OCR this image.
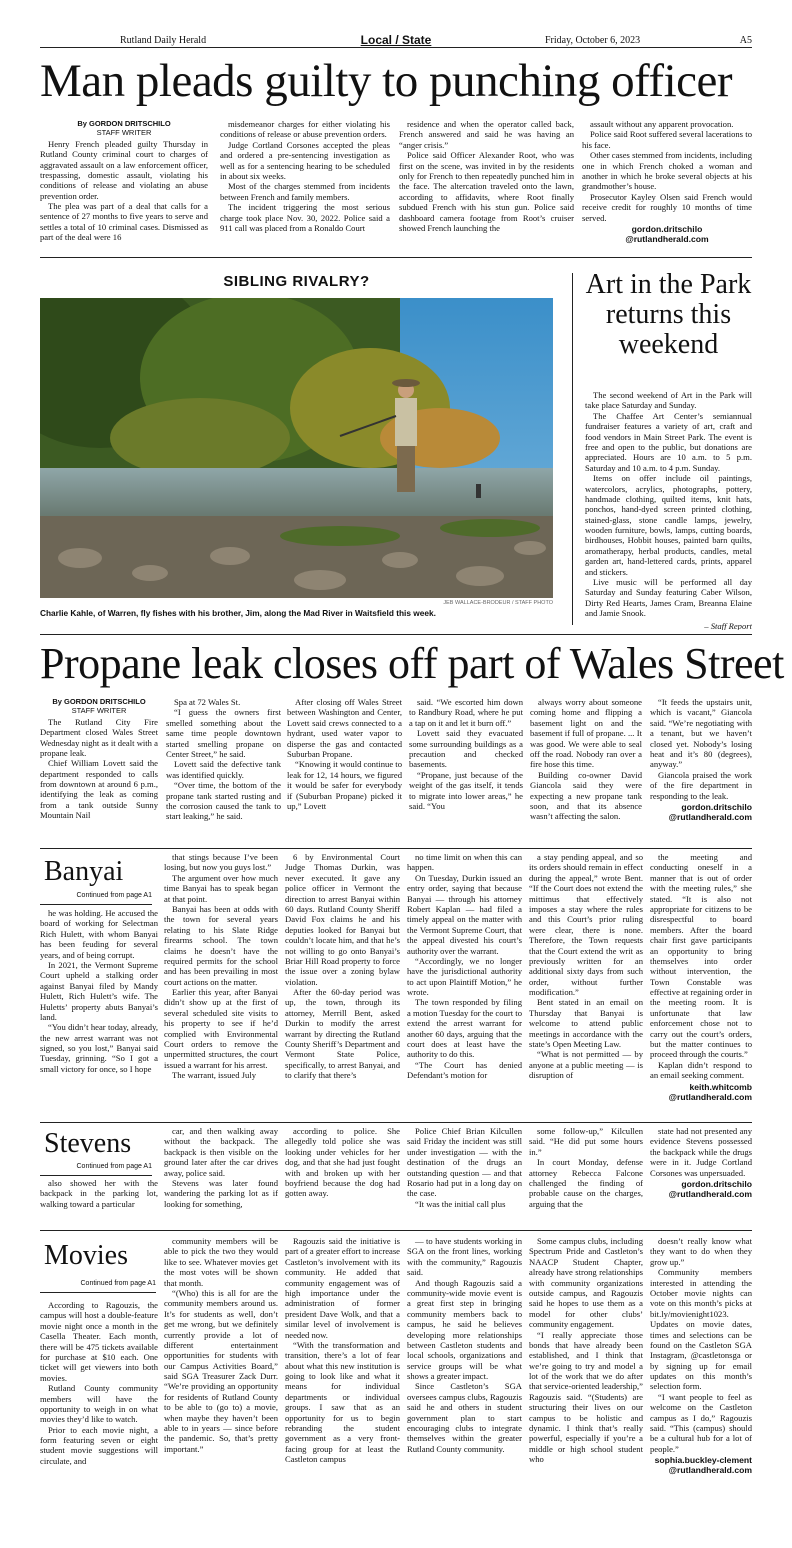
Rutland Daily Herald	Local / State	Friday, October 6, 2023	A5
Man pleads guilty to punching officer
By GORDON DRITSCHILO
STAFF WRITER

Henry French pleaded guilty Thursday in Rutland County criminal court to charges of aggravated assault on a law enforcement officer, trespassing, domestic assault, violating his conditions of release and violating an abuse prevention order.

The plea was part of a deal that calls for a sentence of 27 months to five years to serve and settles a total of 10 criminal cases. Dismissed as part of the deal were 16

misdemeanor charges for either violating his conditions of release or abuse prevention orders.

Judge Cortland Corsones accepted the pleas and ordered a pre-sentencing investigation as well as for a sentencing hearing to be scheduled in about six weeks.

Most of the charges stemmed from incidents between French and family members.

The incident triggering the most serious charge took place Nov. 30, 2022. Police said a 911 call was placed from a Ronaldo Court

residence and when the operator called back, French answered and said he was having an “anger crisis.”

Police said Officer Alexander Root, who was first on the scene, was invited in by the residents only for French to then repeatedly punched him in the face. The altercation traveled onto the lawn, according to affidavits, where Root finally subdued French with his stun gun. Police said dashboard camera footage from Root’s cruiser showed French launching the

assault without any apparent provocation.

Police said Root suffered several lacerations to his face.

Other cases stemmed from incidents, including one in which French choked a woman and another in which he broke several objects at his grandmother’s house.

Prosecutor Kayley Olsen said French would receive credit for roughly 10 months of time served.

gordon.dritschilo
@rutlandherald.com
SIBLING RIVALRY?
JEB WALLACE-BRODEUR / STAFF PHOTO
Charlie Kahle, of Warren, fly fishes with his brother, Jim, along the Mad River in Waitsfield this week.
Art in the Park returns this weekend

The second weekend of Art in the Park will take place Saturday and Sunday.

The Chaffee Art Center’s semiannual fundraiser features a variety of art, craft and food vendors in Main Street Park. The event is free and open to the public, but donations are appreciated. Hours are 10 a.m. to 5 p.m. Saturday and 10 a.m. to 4 p.m. Sunday.

Items on offer include oil paintings, watercolors, acrylics, photographs, pottery, handmade clothing, quilted items, knit hats, ponchos, hand-dyed screen printed clothing, stained-glass, stone candle lamps, jewelry, wooden furniture, bowls, lamps, cutting boards, birdhouses, Hobbit houses, painted barn quilts, aromatherapy, herbal products, candles, metal garden art, hand-lettered cards, prints, apparel and stickers.

Live music will be performed all day Saturday and Sunday featuring Caber Wilson, Dirty Red Hearts, James Cram, Breanna Elaine and Jamie Snook.

– Staff Report
Propane leak closes off part of Wales Street
By GORDON DRITSCHILO
STAFF WRITER

The Rutland City Fire Department closed Wales Street Wednesday night as it dealt with a propane leak.

Chief William Lovett said the department responded to calls from downtown at around 6 p.m., identifying the leak as coming from a tank outside Sunny Mountain Nail

Spa at 72 Wales St.

“I guess the owners first smelled something about the same time people downtown started smelling propane on Center Street,” he said.

Lovett said the defective tank was identified quickly.

“Over time, the bottom of the propane tank started rusting and the corrosion caused the tank to start leaking,” he said.

After closing off Wales Street between Washington and Center, Lovett said crews connected to a hydrant, used water vapor to disperse the gas and contacted Suburban Propane.

“Knowing it would continue to leak for 12, 14 hours, we figured it would be safer for everybody if (Suburban Propane) picked it up,” Lovett

said. “We escorted him down to Randbury Road, where he put a tap on it and let it burn off.”

Lovett said they evacuated some surrounding buildings as a precaution and checked basements.

“Propane, just because of the weight of the gas itself, it tends to migrate into lower areas,” he said. “You

always worry about someone coming home and flipping a basement light on and the basement if full of propane. ... It was good. We were able to seal off the road. Nobody ran over a fire hose this time.

Building co-owner David Giancola said they were expecting a new propane tank soon, and that its absence wasn’t affecting the salon.

“It feeds the upstairs unit, which is vacant,” Giancola said. “We’re negotiating with a tenant, but we haven’t closed yet. Nobody’s losing heat and it’s 80 (degrees), anyway.”

Giancola praised the work of the fire department in responding to the leak.

gordon.dritschilo
@rutlandherald.com
Banyai
Continued from page A1

he was holding. He accused the board of working for Selectman Rich Hulett, with whom Banyai has been feuding for several years, and of being corrupt.

In 2021, the Vermont Supreme Court upheld a stalking order against Banyai filed by Mandy Hulett, Rich Hulett’s wife. The Huletts’ property abuts Banyai’s land.

“You didn’t hear today, already, the new arrest warrant was not signed, so you lost,” Banyai said Tuesday, grinning. “So I got a small victory for once, so I hope

that stings because I’ve been losing, but now you guys lost.”

The argument over how much time Banyai has to speak began at that point.

Banyai has been at odds with the town for several years relating to his Slate Ridge firearms school. The town claims he doesn’t have the required permits for the school and has been prevailing in most court actions on the matter.

Earlier this year, after Banyai didn’t show up at the first of several scheduled site visits to his property to see if he’d complied with Environmental Court orders to remove the unpermitted structures, the court issued a warrant for his arrest.

The warrant, issued July

6 by Environmental Court Judge Thomas Durkin, was never executed. It gave any police officer in Vermont the direction to arrest Banyai within 60 days. Rutland County Sheriff David Fox claims he and his deputies looked for Banyai but couldn’t locate him, and that he’s not willing to go onto Banyai’s Briar Hill Road property to force the issue over a zoning bylaw violation.

After the 60-day period was up, the town, through its attorney, Merrill Bent, asked Durkin to modify the arrest warrant by directing the Rutland County Sheriff’s Department and Vermont State Police, specifically, to arrest Banyai, and to clarify that there’s

no time limit on when this can happen.

On Tuesday, Durkin issued an entry order, saying that because Banyai — through his attorney Robert Kaplan — had filed a timely appeal on the matter with the Vermont Supreme Court, that the appeal divested his court’s authority over the warrant.

“Accordingly, we no longer have the jurisdictional authority to act upon Plaintiff Motion,” he wrote.

The town responded by filing a motion Tuesday for the court to extend the arrest warrant for another 60 days, arguing that the court does at least have the authority to do this.

“The Court has denied Defendant’s motion for

a stay pending appeal, and so its orders should remain in effect during the appeal,” wrote Bent. “If the Court does not extend the mittimus that effectively imposes a stay where the rules and this Court’s prior ruling were clear, there is none. Therefore, the Town requests that the Court extend the writ as previously written for an additional sixty days from such order, without further modification.”

Bent stated in an email on Thursday that Banyai is welcome to attend public meetings in accordance with the state’s Open Meeting Law.

“What is not permitted — by anyone at a public meeting — is disruption of

the meeting and conducting oneself in a manner that is out of order with the meeting rules,” she stated. “It is also not appropriate for citizens to be disrespectful to board members. After the board chair first gave participants an opportunity to bring themselves into order without intervention, the Town Constable was effective at regaining order in the meeting room. It is unfortunate that law enforcement chose not to carry out the court’s orders, but the matter continues to proceed through the courts.”

Kaplan didn’t respond to an email seeking comment.

keith.whitcomb
@rutlandherald.com
Stevens
Continued from page A1

also showed her with the backpack in the parking lot, walking toward a particular

car, and then walking away without the backpack. The backpack is then visible on the ground later after the car drives away, police said.

Stevens was later found wandering the parking lot as if looking for something,

according to police. She allegedly told police she was looking under vehicles for her dog, and that she had just fought with and broken up with her boyfriend because the dog had gotten away.

Police Chief Brian Kilcullen said Friday the incident was still under investigation — with the destination of the drugs an outstanding question — and that Rosario had put in a long day on the case.

“It was the initial call plus

some follow-up,” Kilcullen said. “He did put some hours in.”

In court Monday, defense attorney Rebecca Falcone challenged the finding of probable cause on the charges, arguing that the

state had not presented any evidence Stevens possessed the backpack while the drugs were in it. Judge Cortland Corsones was unpersuaded.

gordon.dritschilo
@rutlandherald.com
Movies
Continued from page A1

According to Ragouzis, the campus will host a double-feature movie night once a month in the Casella Theater. Each month, there will be 475 tickets available for purchase at $10 each. One ticket will get viewers into both movies.

Rutland County community members will have the opportunity to weigh in on what movies they’d like to watch.

Prior to each movie night, a form featuring seven or eight student movie suggestions will circulate, and

community members will be able to pick the two they would like to see. Whatever movies get the most votes will be shown that month.

“(Who) this is all for are the community members around us. It’s for students as well, don’t get me wrong, but we definitely currently provide a lot of different entertainment opportunities for students with our Campus Activities Board,” said SGA Treasurer Zack Durr. “We’re providing an opportunity for residents of Rutland County to be able to (go to) a movie, when maybe they haven’t been able to in years — since before the pandemic. So, that’s pretty important.”

Ragouzis said the initiative is part of a greater effort to increase Castleton’s involvement with its community. He added that community engagement was of high importance under the administration of former president Dave Wolk, and that a similar level of involvement is needed now.

“With the transformation and transition, there’s a lot of fear about what this new institution is going to look like and what it means for individual departments or individual groups. I saw that as an opportunity for us to begin rebranding the student government as a very front-facing group for at least the Castleton campus

— to have students working in SGA on the front lines, working with the community,” Ragouzis said.

And though Ragouzis said a community-wide movie event is a great first step in bringing community members back to campus, he said he believes developing more relationships between Castleton students and local schools, organizations and service groups will be what shows a greater impact.

Since Castleton’s SGA oversees campus clubs, Ragouzis said he and others in student government plan to start encouraging clubs to integrate themselves within the greater Rutland County community.

Some campus clubs, including Spectrum Pride and Castleton’s NAACP Student Chapter, already have strong relationships with community organizations outside campus, and Ragouzis said he hopes to use them as a model for other clubs’ community engagement.

“I really appreciate those bonds that have already been established, and I think that we’re going to try and model a lot of the work that we do after that service-oriented leadership,” Ragouzis said. “(Students) are structuring their lives on our campus to be holistic and dynamic. I think that’s really powerful, especially if you’re a middle or high school student who

doesn’t really know what they want to do when they grow up.”

Community members interested in attending the October movie nights can vote on this month’s picks at bit.ly/movienight1023. Updates on movie dates, times and selections can be found on the Castleton SGA Instagram, @castletonsga or by signing up for email updates on this month’s selection form.

“I want people to feel as welcome on the Castleton campus as I do,” Ragouzis said. “This (campus) should be a cultural hub for a lot of people.”

sophia.buckley-clement
@rutlandherald.com
